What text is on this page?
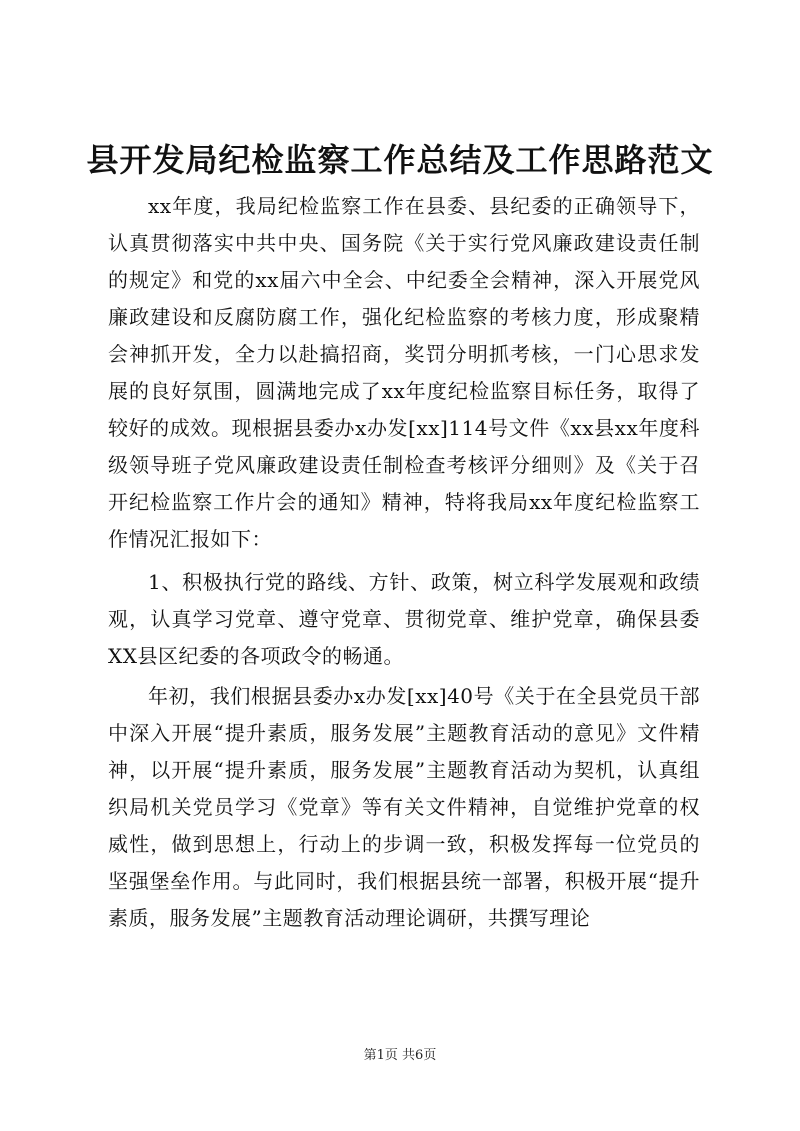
县开发局纪检监察工作总结及工作思路范文

xx年度，我局纪检监察工作在县委、县纪委的正确领导下，认真贯彻落实中共中央、国务院《关于实行党风廉政建设责任制的规定》和党的xx届六中全会、中纪委全会精神，深入开展党风廉政建设和反腐防腐工作，强化纪检监察的考核力度，形成聚精会神抓开发，全力以赴搞招商，奖罚分明抓考核，一门心思求发展的良好氛围，圆满地完成了xx年度纪检监察目标任务，取得了较好的成效。现根据县委办x办发[xx]114号文件《xx县xx年度科级领导班子党风廉政建设责任制检查考核评分细则》及《关于召开纪检监察工作片会的通知》精神，特将我局xx年度纪检监察工作情况汇报如下：

1、积极执行党的路线、方针、政策，树立科学发展观和政绩观，认真学习党章、遵守党章、贯彻党章、维护党章，确保县委XX县区纪委的各项政令的畅通。

年初，我们根据县委办x办发[xx]40号《关于在全县党员干部中深入开展“提升素质，服务发展”主题教育活动的意见》文件精神，以开展“提升素质，服务发展”主题教育活动为契机，认真组织局机关党员学习《党章》等有关文件精神，自觉维护党章的权威性，做到思想上，行动上的步调一致，积极发挥每一位党员的坚强堡垒作用。与此同时，我们根据县统一部署，积极开展“提升素质，服务发展”主题教育活动理论调研，共撰写理论

第1页 共6页
